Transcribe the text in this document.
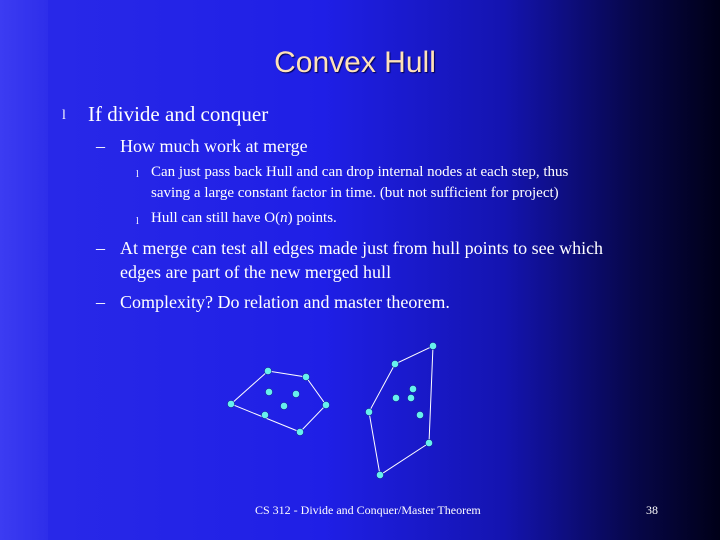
Convex Hull
l If divide and conquer
– How much work at merge
l Can just pass back Hull and can drop internal nodes at each step, thus
saving a large constant factor in time. (but not sufficient for project)
l Hull can still have O(n) points.
– At merge can test all edges made just from hull points to see which
edges are part of the new merged hull
– Complexity? Do relation and master theorem.
CS 312 - Divide and Conquer/Master Theorem	38
